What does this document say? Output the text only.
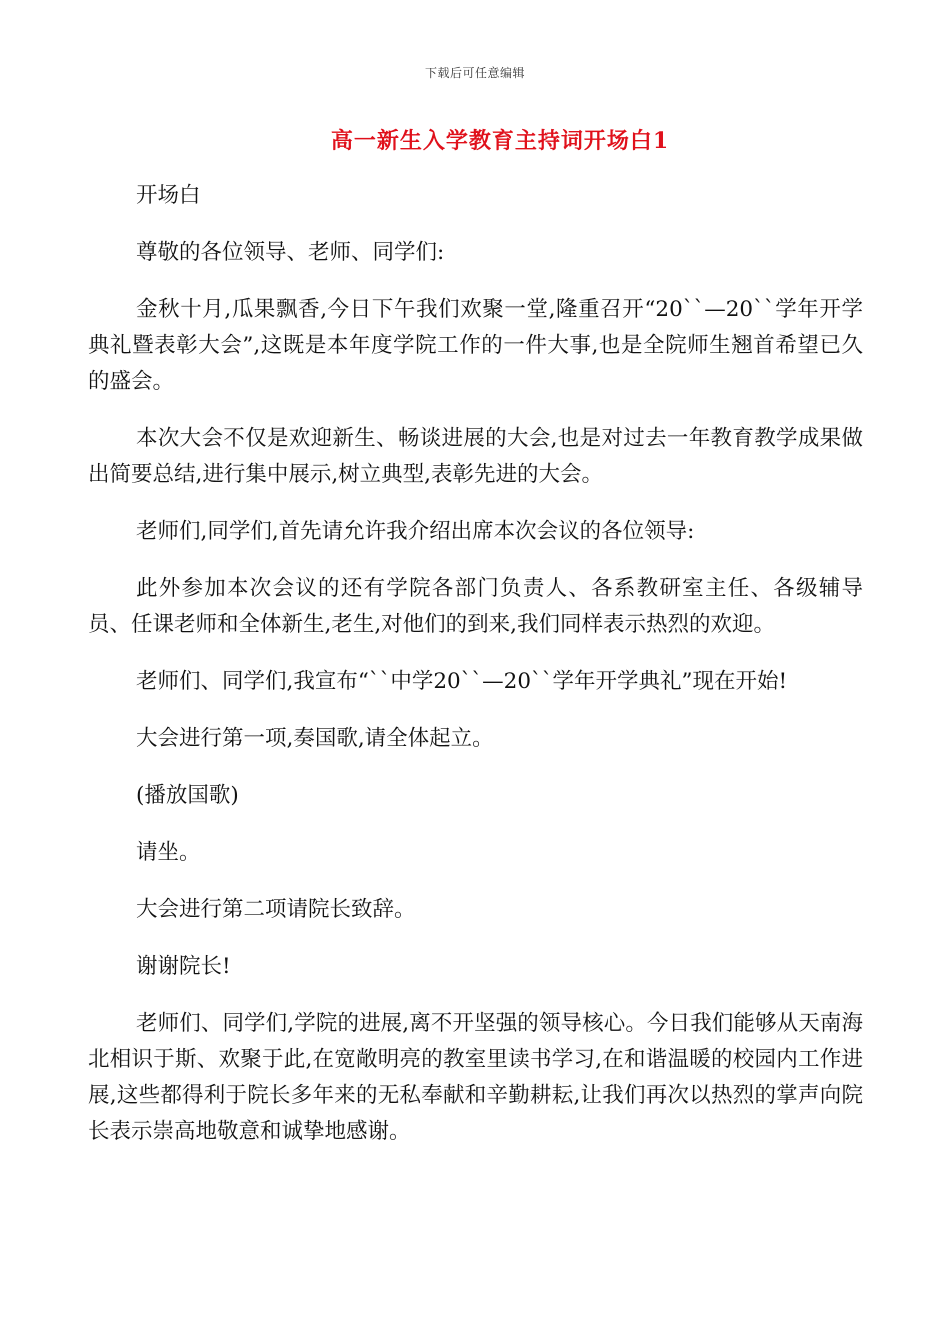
下载后可任意编辑
高一新生入学教育主持词开场白1

开场白

尊敬的各位领导、老师、同学们:

金秋十月,瓜果飘香,今日下午我们欢聚一堂,隆重召开“20``—20``学年开学典礼暨表彰大会”,这既是本年度学院工作的一件大事,也是全院师生翘首希望已久的盛会。

本次大会不仅是欢迎新生、畅谈进展的大会,也是对过去一年教育教学成果做出简要总结,进行集中展示,树立典型,表彰先进的大会。

老师们,同学们,首先请允许我介绍出席本次会议的各位领导:

此外参加本次会议的还有学院各部门负责人、各系教研室主任、各级辅导员、任课老师和全体新生,老生,对他们的到来,我们同样表示热烈的欢迎。

老师们、同学们,我宣布“``中学20``—20``学年开学典礼”现在开始!

大会进行第一项,奏国歌,请全体起立。

(播放国歌)

请坐。

大会进行第二项请院长致辞。

谢谢院长!

老师们、同学们,学院的进展,离不开坚强的领导核心。今日我们能够从天南海北相识于斯、欢聚于此,在宽敞明亮的教室里读书学习,在和谐温暖的校园内工作进展,这些都得利于院长多年来的无私奉献和辛勤耕耘,让我们再次以热烈的掌声向院长表示崇高地敬意和诚挚地感谢。
